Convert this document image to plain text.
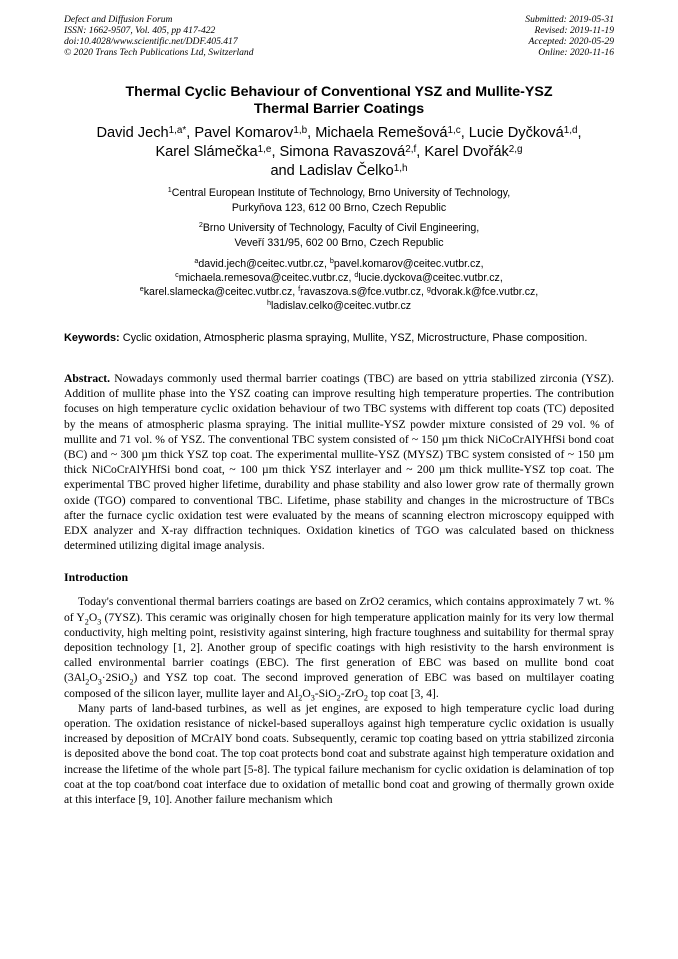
Defect and Diffusion Forum
ISSN: 1662-9507, Vol. 405, pp 417-422
doi:10.4028/www.scientific.net/DDF.405.417
© 2020 Trans Tech Publications Ltd, Switzerland
Submitted: 2019-05-31
Revised: 2019-11-19
Accepted: 2020-05-29
Online: 2020-11-16
Thermal Cyclic Behaviour of Conventional YSZ and Mullite-YSZ
Thermal Barrier Coatings
David Jech$^{1,a*}$, Pavel Komarov$^{1,b}$, Michaela Remešová$^{1,c}$, Lucie Dyčková$^{1,d}$,
Karel Slámečka$^{1,e}$, Simona Ravaszová$^{2,f}$, Karel Dvořák$^{2,g}$
and Ladislav Čelko$^{1,h}$
$^1$Central European Institute of Technology, Brno University of Technology,
Purkyňova 123, 612 00 Brno, Czech Republic
$^2$Brno University of Technology, Faculty of Civil Engineering,
Veveří 331/95, 602 00 Brno, Czech Republic
$^a$david.jech@ceitec.vutbr.cz, $^b$pavel.komarov@ceitec.vutbr.cz,
$^c$michaela.remesova@ceitec.vutbr.cz, $^d$lucie.dyckova@ceitec.vutbr.cz,
$^e$karel.slamecka@ceitec.vutbr.cz, $^f$ravaszova.s@fce.vutbr.cz, $^g$dvorak.k@fce.vutbr.cz,
$^h$ladislav.celko@ceitec.vutbr.cz
Keywords: Cyclic oxidation, Atmospheric plasma spraying, Mullite, YSZ, Microstructure, Phase composition.
Abstract. Nowadays commonly used thermal barrier coatings (TBC) are based on yttria stabilized zirconia (YSZ). Addition of mullite phase into the YSZ coating can improve resulting high temperature properties. The contribution focuses on high temperature cyclic oxidation behaviour of two TBC systems with different top coats (TC) deposited by the means of atmospheric plasma spraying. The initial mullite-YSZ powder mixture consisted of 29 vol. % of mullite and 71 vol. % of YSZ. The conventional TBC system consisted of ~ 150 µm thick NiCoCrAlYHfSi bond coat (BC) and ~ 300 µm thick YSZ top coat. The experimental mullite-YSZ (MYSZ) TBC system consisted of ~ 150 µm thick NiCoCrAlYHfSi bond coat, ~ 100 µm thick YSZ interlayer and ~ 200 µm thick mullite-YSZ top coat. The experimental TBC proved higher lifetime, durability and phase stability and also lower grow rate of thermally grown oxide (TGO) compared to conventional TBC. Lifetime, phase stability and changes in the microstructure of TBCs after the furnace cyclic oxidation test were evaluated by the means of scanning electron microscopy equipped with EDX analyzer and X-ray diffraction techniques. Oxidation kinetics of TGO was calculated based on thickness determined utilizing digital image analysis.
Introduction

Today's conventional thermal barriers coatings are based on ZrO2 ceramics, which contains approximately 7 wt. % of $Y_2O_3$ (7YSZ). This ceramic was originally chosen for high temperature application mainly for its very low thermal conductivity, high melting point, resistivity against sintering, high fracture toughness and suitability for thermal spray deposition technology [1, 2]. Another group of specific coatings with high resistivity to the harsh environment is called environmental barrier coatings (EBC). The first generation of EBC was based on mullite bond coat $(3Al_2O_3\cdot 2SiO_2)$ and YSZ top coat. The second improved generation of EBC was based on multilayer coating composed of the silicon layer, mullite layer and $Al_2O_3-SiO_2-ZrO_2$ top coat [3, 4].

Many parts of land-based turbines, as well as jet engines, are exposed to high temperature cyclic load during operation. The oxidation resistance of nickel-based superalloys against high temperature cyclic oxidation is usually increased by deposition of MCrAlY bond coats. Subsequently, ceramic top coating based on yttria stabilized zirconia is deposited above the bond coat. The top coat protects bond coat and substrate against high temperature oxidation and increase the lifetime of the whole part [5-8]. The typical failure mechanism for cyclic oxidation is delamination of top coat at the top coat/bond coat interface due to oxidation of metallic bond coat and growing of thermally grown oxide at this interface [9, 10]. Another failure mechanism which
